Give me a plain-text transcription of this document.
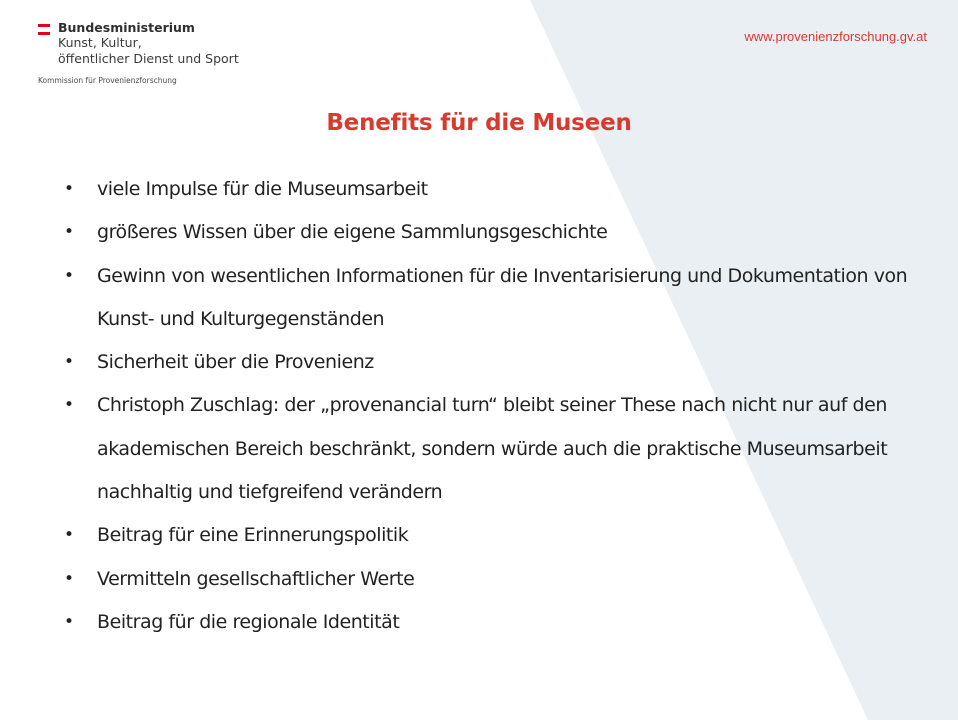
Bundesministerium
Kunst, Kultur,
öffentlicher Dienst und Sport
Kommission für Provenienzforschung
www.provenienzforschung.gv.at
Benefits für die Museen
• viele Impulse für die Museumsarbeit
• größeres Wissen über die eigene Sammlungsgeschichte
• Gewinn von wesentlichen Informationen für die Inventarisierung und Dokumentation von Kunst- und Kulturgegenständen
• Sicherheit über die Provenienz
• Christoph Zuschlag: der „provenancial turn“ bleibt seiner These nach nicht nur auf den akademischen Bereich beschränkt, sondern würde auch die praktische Museumsarbeit nachhaltig und tiefgreifend verändern
• Beitrag für eine Erinnerungspolitik
• Vermitteln gesellschaftlicher Werte
• Beitrag für die regionale Identität
